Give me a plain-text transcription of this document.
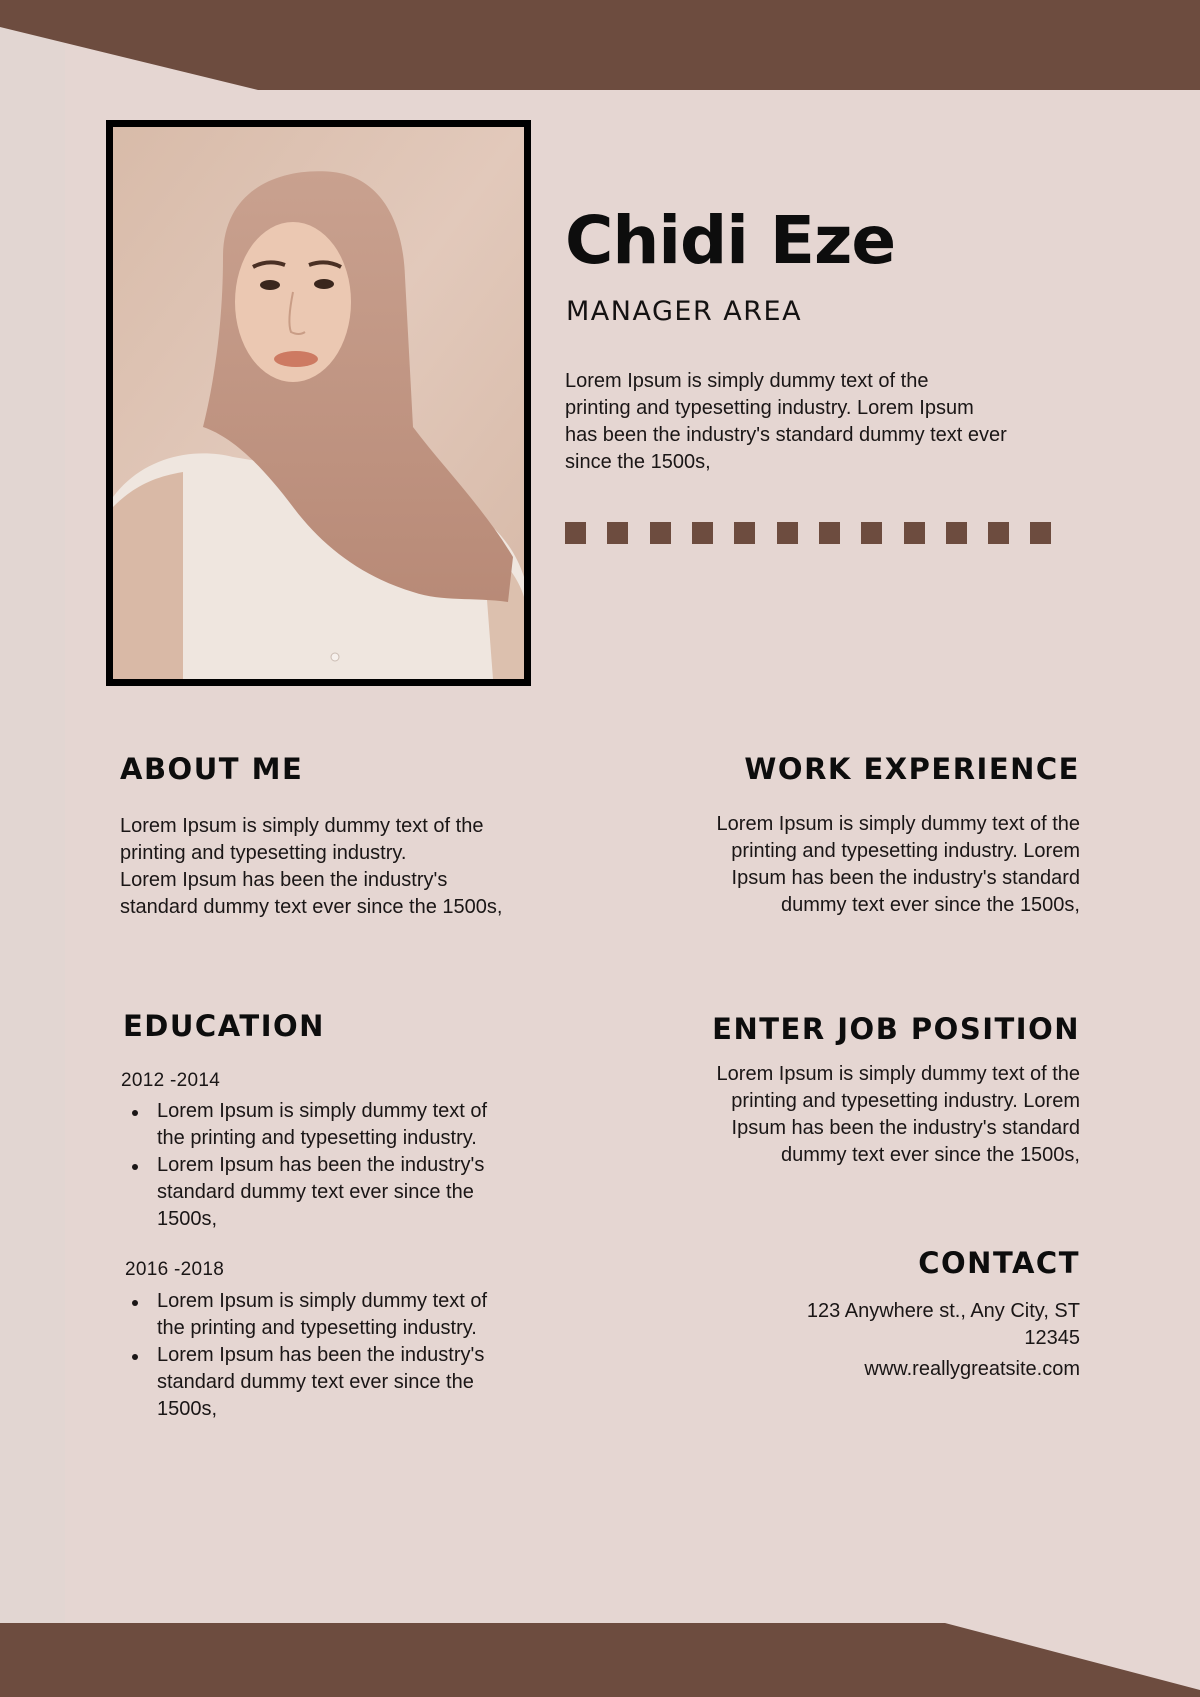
Chidi Eze
MANAGER AREA
Lorem Ipsum is simply dummy text of the
printing and typesetting industry. Lorem Ipsum
has been the industry's standard dummy text ever
since the 1500s,
ABOUT ME
Lorem Ipsum is simply dummy text of the
printing and typesetting industry.
Lorem Ipsum has been the industry's
standard dummy text ever since the 1500s,
WORK EXPERIENCE
Lorem Ipsum is simply dummy text of the
printing and typesetting industry. Lorem
Ipsum has been the industry's standard
dummy text ever since the 1500s,
EDUCATION
2012 -2014
Lorem Ipsum is simply dummy text of
the printing and typesetting industry.
Lorem Ipsum has been the industry's
standard dummy text ever since the
1500s,
2016 -2018
Lorem Ipsum is simply dummy text of
the printing and typesetting industry.
Lorem Ipsum has been the industry's
standard dummy text ever since the
1500s,
ENTER JOB POSITION
Lorem Ipsum is simply dummy text of the
printing and typesetting industry. Lorem
Ipsum has been the industry's standard
dummy text ever since the 1500s,
CONTACT
123 Anywhere st., Any City, ST
12345
www.reallygreatsite.com
